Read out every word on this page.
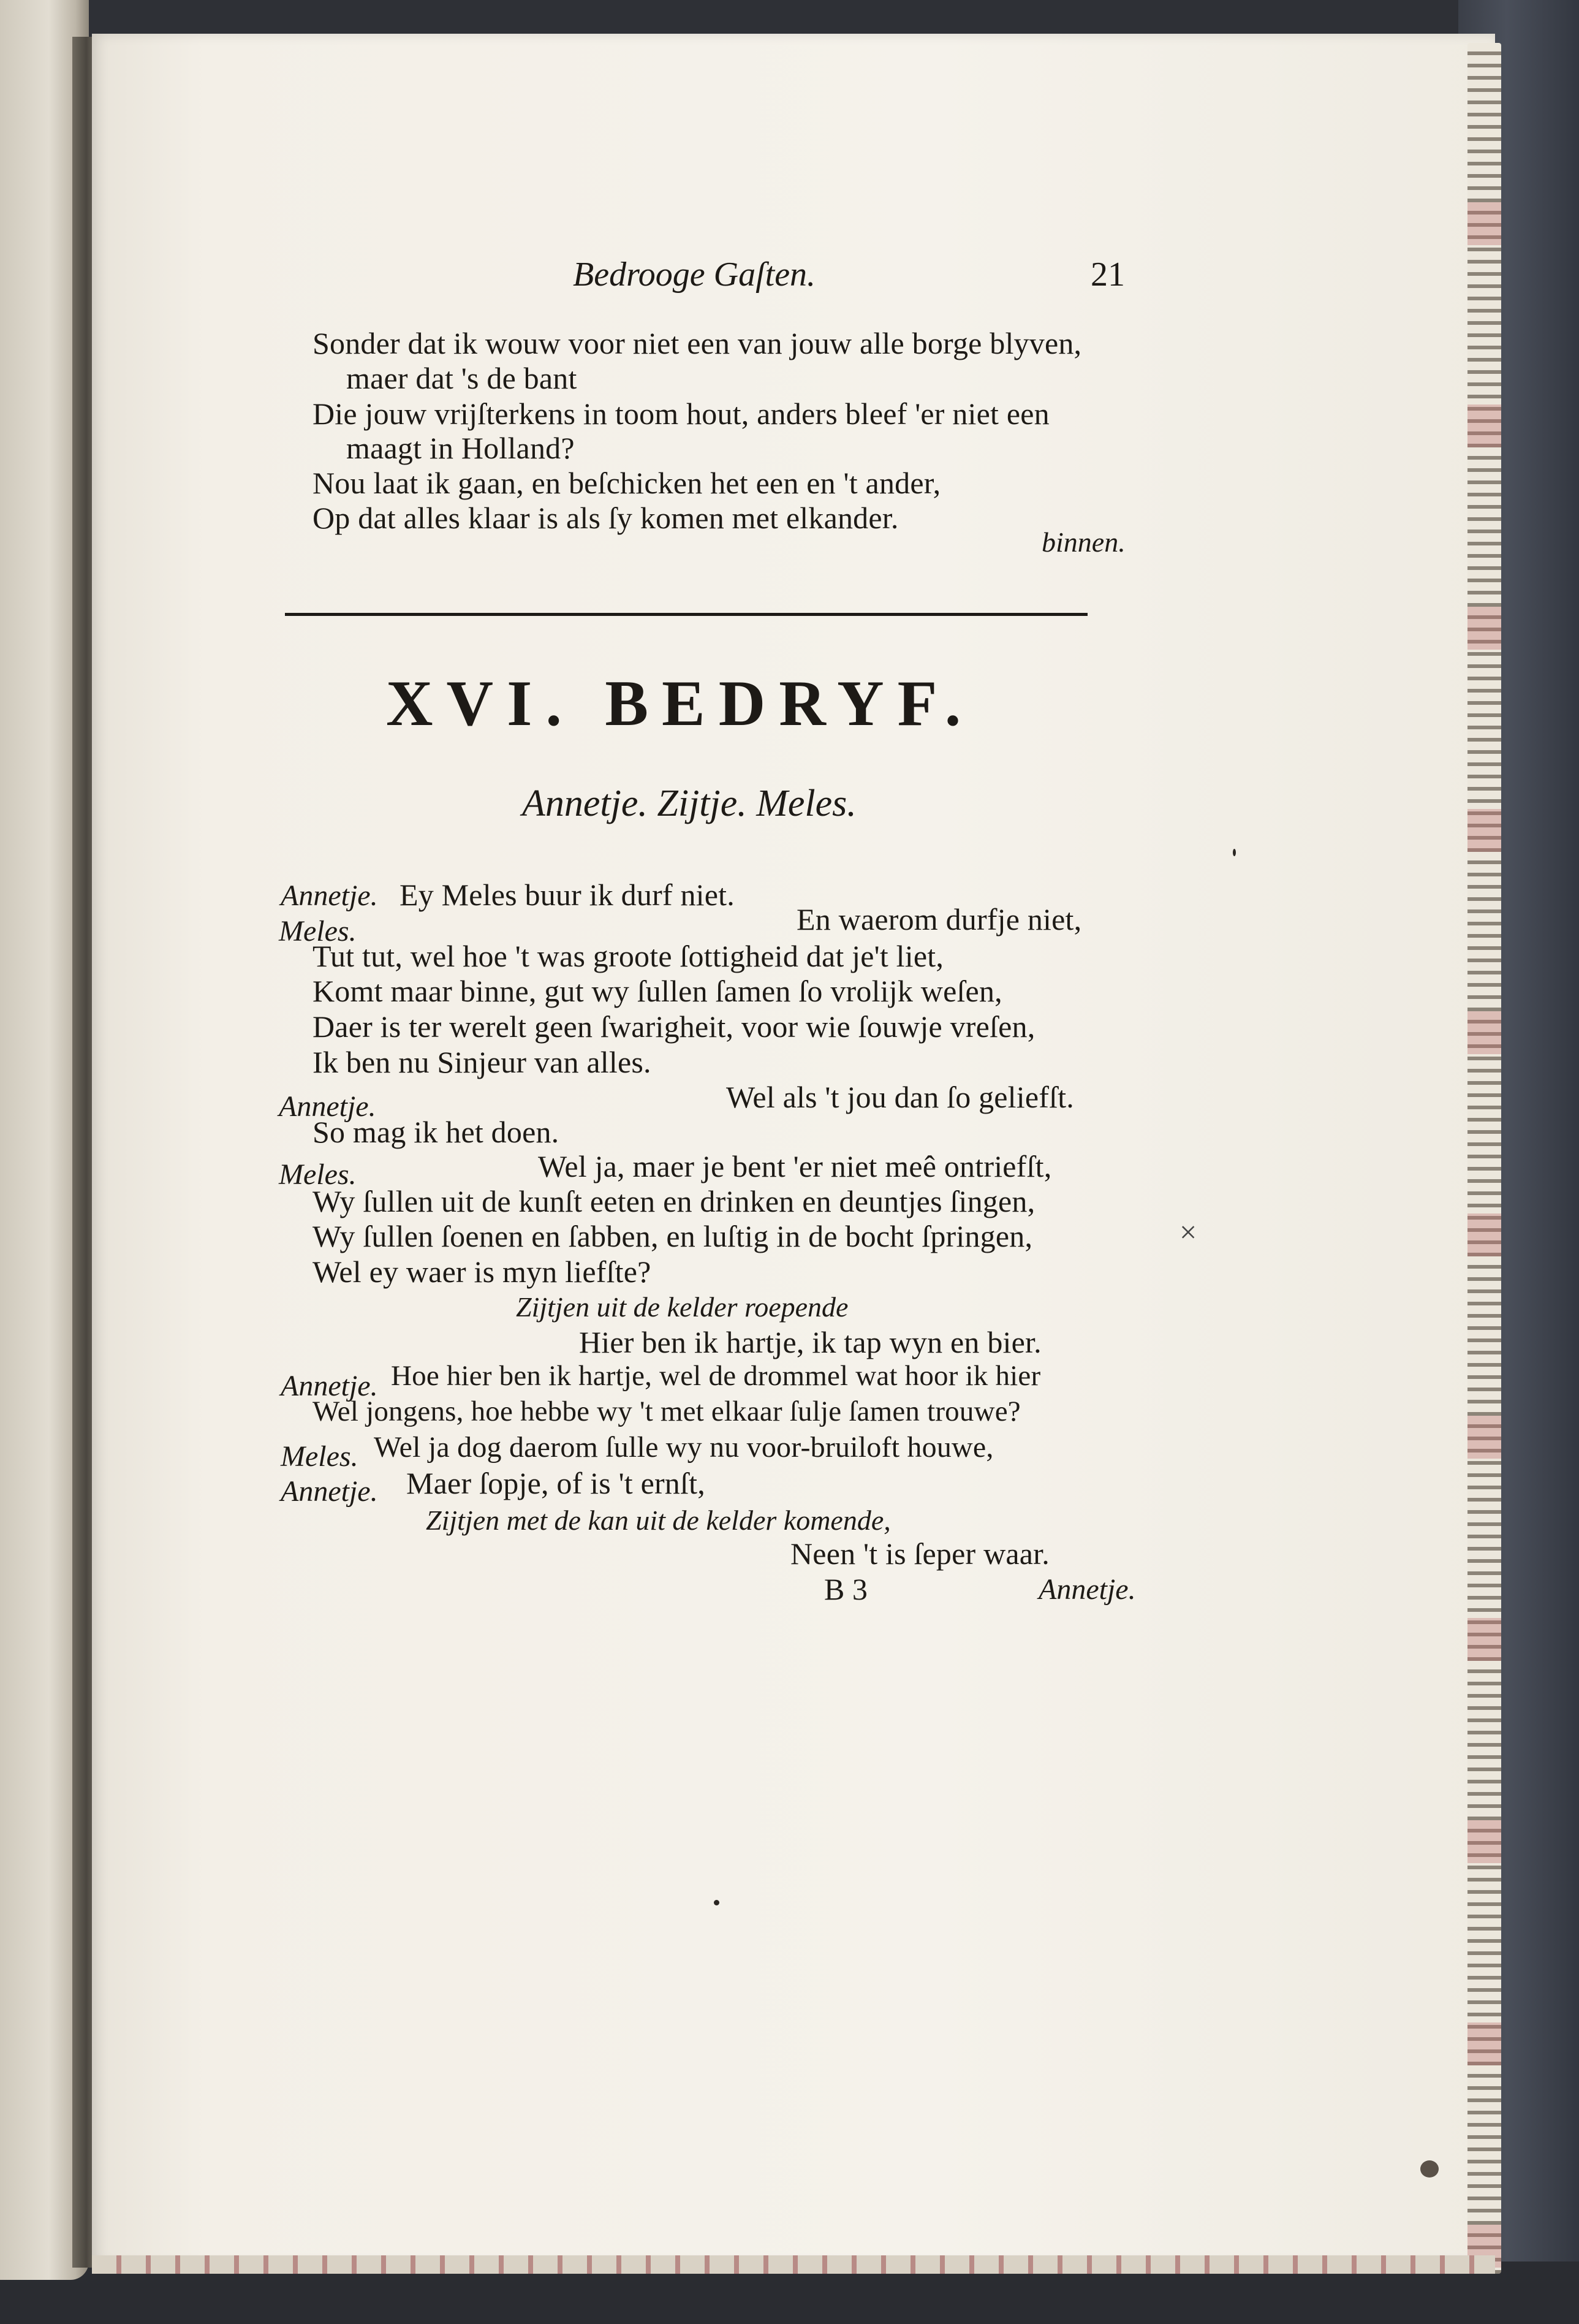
Bedrooge Gaſten.	21
Sonder dat ik wouw voor niet een van jouw alle borge blyven,
maer dat 's de bant
Die jouw vrijſterkens in toom hout, anders bleef 'er niet een
maagt in Holland?
Nou laat ik gaan, en beſchicken het een en 't ander,
Op dat alles klaar is als ſy komen met elkander.
binnen.
XVI. BEDRYF.
Annetje. Zijtje. Meles.
Annetje. Ey Meles buur ik durf niet.
Meles.	En waerom durfje niet,
Tut tut, wel hoe 't was groote ſottigheid dat je't liet,
Komt maar binne, gut wy ſullen ſamen ſo vrolijk weſen,
Daer is ter werelt geen ſwarigheit, voor wie ſouwje vreſen,
Ik ben nu Sinjeur van alles.
Annetje.	Wel als 't jou dan ſo geliefſt.
So mag ik het doen.
Meles.	Wel ja, maer je bent 'er niet meê ontriefſt,
Wy ſullen uit de kunſt eeten en drinken en deuntjes ſingen,
Wy ſullen ſoenen en ſabben, en luſtig in de bocht ſpringen,
Wel ey waer is myn liefſte?
Zijtjen uit de kelder roepende
Hier ben ik hartje, ik tap wyn en bier.
Annetje. Hoe hier ben ik hartje, wel de drommel wat hoor ik hier
Wel jongens, hoe hebbe wy 't met elkaar ſulje ſamen trouwe?
Meles. Wel ja dog daerom ſulle wy nu voor-bruiloft houwe,
Annetje. Maer ſopje, of is 't ernſt,
Zijtjen met de kan uit de kelder komende,
Neen 't is ſeper waar.
B 3	Annetje.
×
